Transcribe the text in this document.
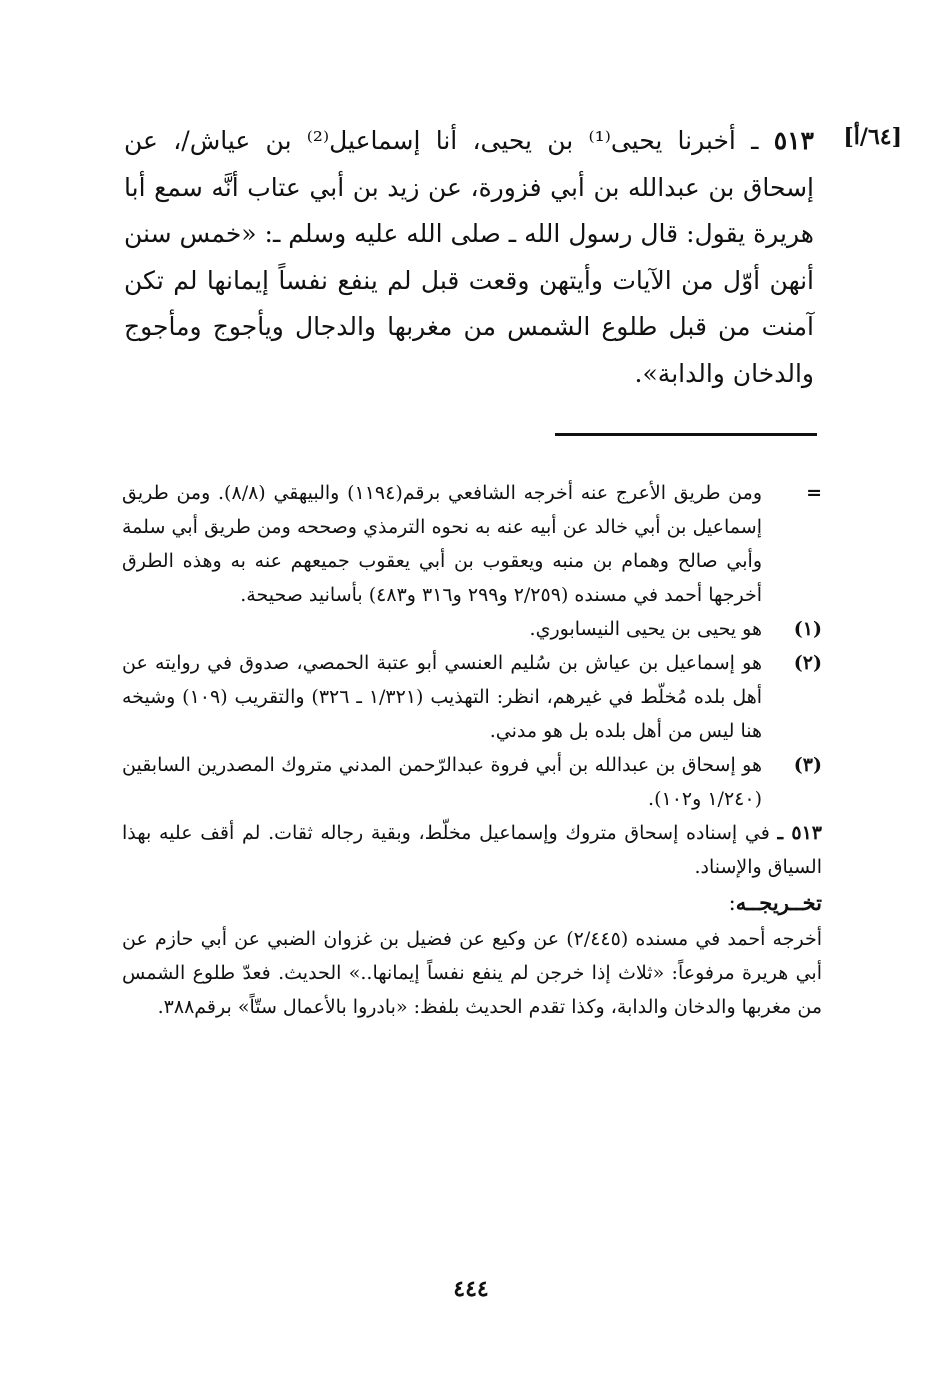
[٦٤/أ]
٥١٣ ـ أخبرنا يحيى⁽¹⁾ بن يحيى، أنا إسماعيل⁽²⁾ بن عياش/، عن إسحاق بن عبدالله بن أبي فزورة، عن زيد بن أبي عتاب أنَّه سمع أبا هريرة يقول: قال رسول الله ـ صلى الله عليه وسلم ـ: «خمس سنن أنهن أوّل من الآيات وأيتهن وقعت قبل لم ينفع نفساً إيمانها لم تكن آمنت من قبل طلوع الشمس من مغربها والدجال ويأجوج ومأجوج والدخان والدابة».
=
ومن طريق الأعرج عنه أخرجه الشافعي برقم(١١٩٤) والبيهقي (٨/٨). ومن طريق إسماعيل بن أبي خالد عن أبيه عنه به نحوه الترمذي وصححه ومن طريق أبي سلمة وأبي صالح وهمام بن منبه ويعقوب بن أبي يعقوب جميعهم عنه به وهذه الطرق أخرجها أحمد في مسنده (٢/٢٥٩ و٢٩٩ و٣١٦ و٤٨٣) بأسانيد صحيحة.
(١)
هو يحيى بن يحيى النيسابوري.
(٢)
هو إسماعيل بن عياش بن سُليم العنسي أبو عتبة الحمصي، صدوق في روايته عن أهل بلده مُخلّط في غيرهم، انظر: التهذيب (١/٣٢١ ـ ٣٢٦) والتقريب (١٠٩) وشيخه هنا ليس من أهل بلده بل هو مدني.
(٣)
هو إسحاق بن عبدالله بن أبي فروة عبدالرّحمن المدني متروك المصدرين السابقين (١/٢٤٠ و١٠٢).
٥١٣ ـ في إسناده إسحاق متروك وإسماعيل مخلّط، وبقية رجاله ثقات. لم أقف عليه بهذا السياق والإسناد.
تخــريجــه:
أخرجه أحمد في مسنده (٢/٤٤٥) عن وكيع عن فضيل بن غزوان الضبي عن أبي حازم عن أبي هريرة مرفوعاً: «ثلاث إذا خرجن لم ينفع نفساً إيمانها..» الحديث. فعدّ طلوع الشمس من مغربها والدخان والدابة، وكذا تقدم الحديث بلفظ: «بادروا بالأعمال ستّاً» برقم٣٨٨.
٤٤٤
